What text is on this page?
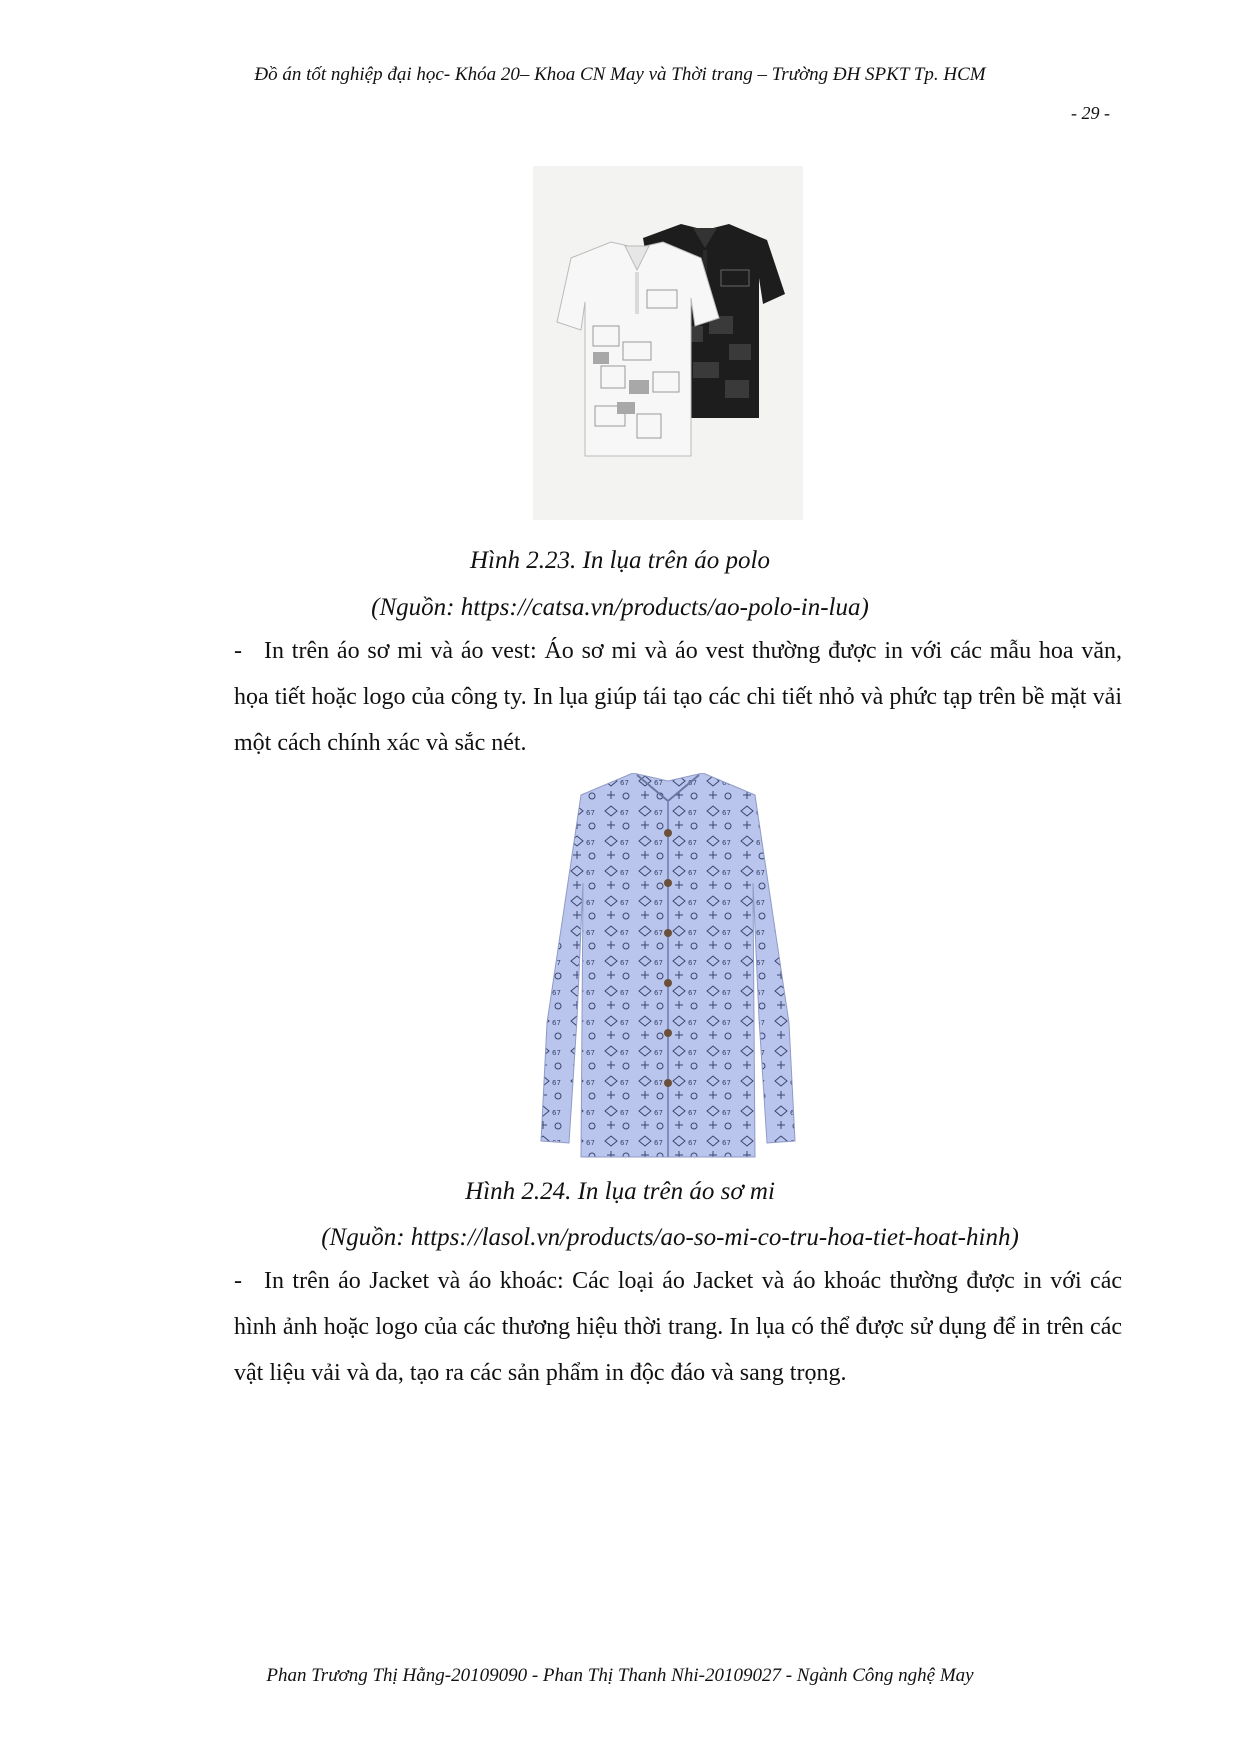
Đồ án tốt nghiệp đại học- Khóa 20– Khoa CN May và Thời trang – Trường ĐH SPKT Tp. HCM
- 29 -
Hình 2.23. In lụa trên áo polo
(Nguồn: https://catsa.vn/products/ao-polo-in-lua)
- In trên áo sơ mi và áo vest: Áo sơ mi và áo vest thường được in với các mẫu hoa văn, họa tiết hoặc logo của công ty. In lụa giúp tái tạo các chi tiết nhỏ và phức tạp trên bề mặt vải một cách chính xác và sắc nét.
Hình 2.24. In lụa trên áo sơ mi
(Nguồn: https://lasol.vn/products/ao-so-mi-co-tru-hoa-tiet-hoat-hinh)
- In trên áo Jacket và áo khoác: Các loại áo Jacket và áo khoác thường được in với các hình ảnh hoặc logo của các thương hiệu thời trang. In lụa có thể được sử dụng để in trên các vật liệu vải và da, tạo ra các sản phẩm in độc đáo và sang trọng.
Phan Trương Thị Hằng-20109090 - Phan Thị Thanh Nhi-20109027 - Ngành Công nghệ May
